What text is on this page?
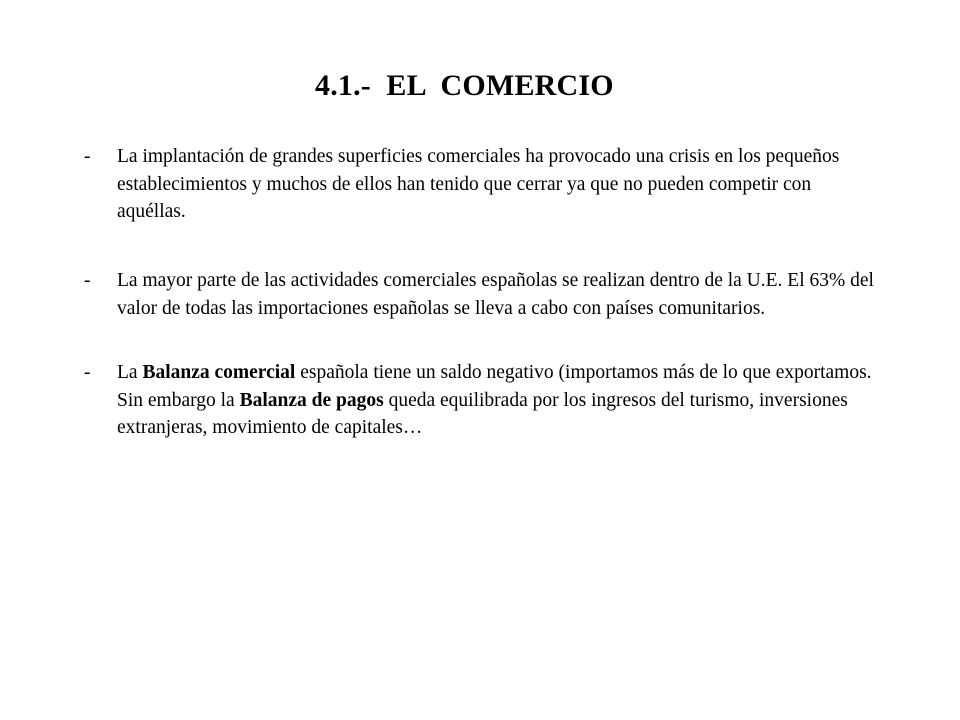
4.1.-  EL  COMERCIO
-	La implantación de grandes superficies comerciales ha provocado una crisis en los pequeños establecimientos y muchos de ellos han tenido que cerrar ya que no pueden competir con aquéllas.
-	La mayor parte de las actividades comerciales españolas se realizan dentro de la U.E. El 63% del valor de todas las importaciones españolas se lleva a cabo con países comunitarios.
-	La Balanza comercial española tiene un saldo negativo (importamos más de lo que exportamos. Sin embargo la Balanza de pagos queda equilibrada por los ingresos del turismo, inversiones extranjeras, movimiento de capitales…
